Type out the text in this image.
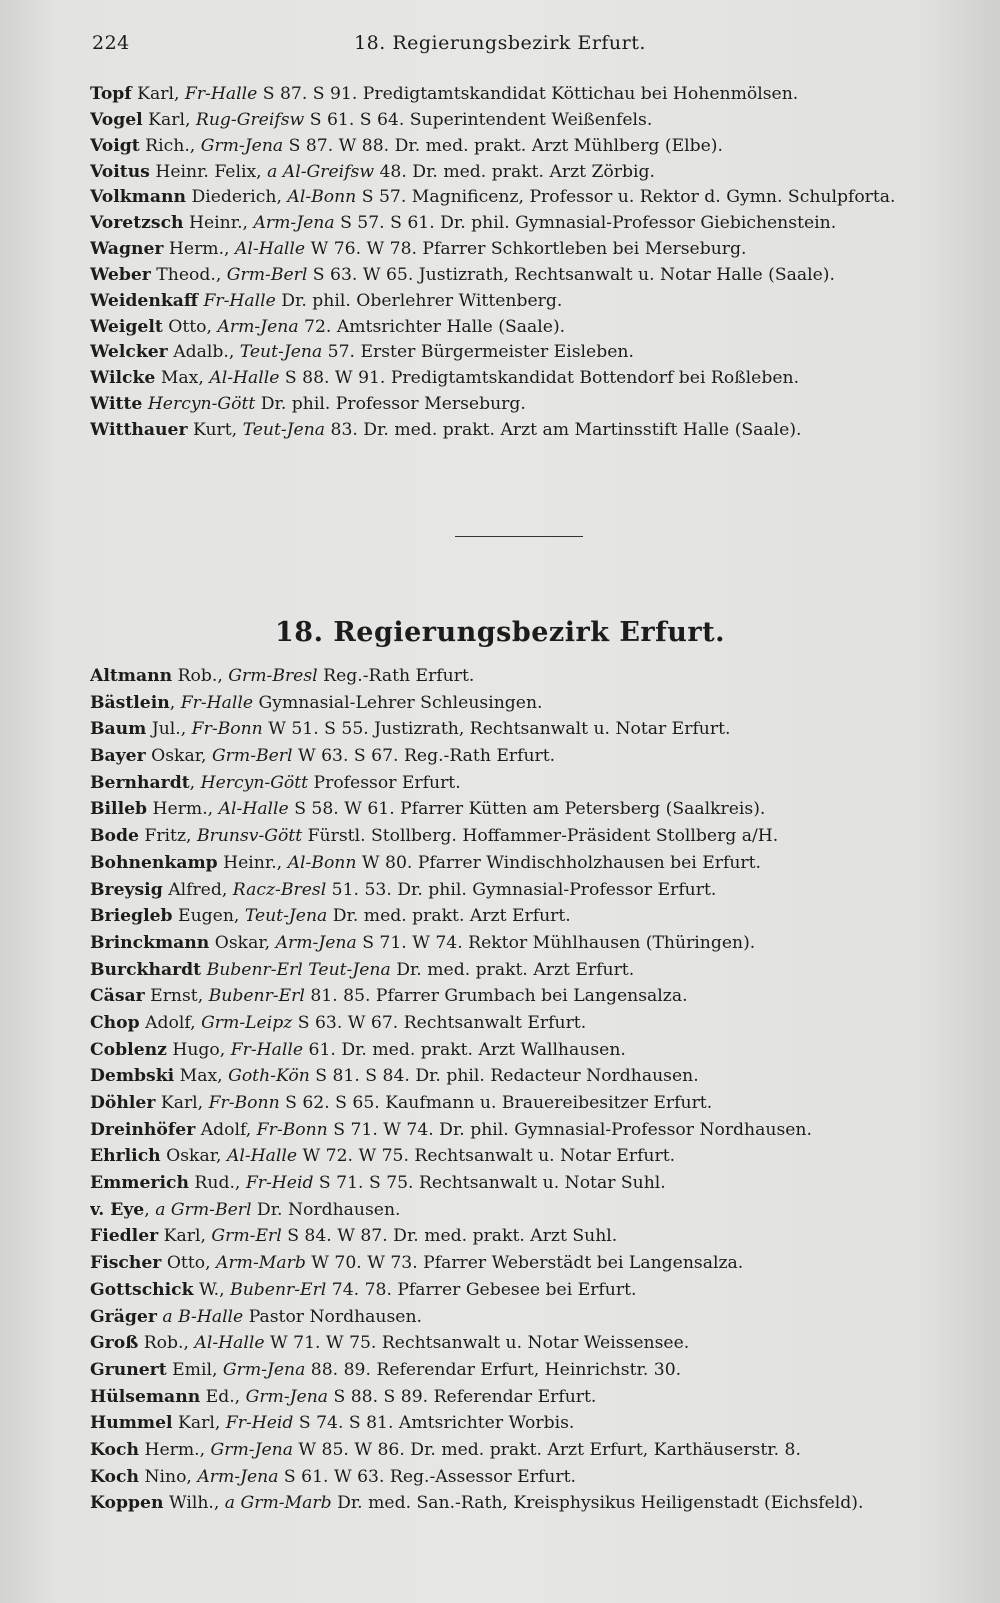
224	18. Regierungsbezirk Erfurt.
Topf Karl, Fr-Halle S 87. S 91. Predigtamtskandidat Köttichau bei Hohenmölsen.
Vogel Karl, Rug-Greifsw S 61. S 64. Superintendent Weißenfels.
Voigt Rich., Grm-Jena S 87. W 88. Dr. med. prakt. Arzt Mühlberg (Elbe).
Voitus Heinr. Felix, a Al-Greifsw 48. Dr. med. prakt. Arzt Zörbig.
Volkmann Diederich, Al-Bonn S 57. Magnificenz, Professor u. Rektor d. Gymn. Schulpforta.
Voretzsch Heinr., Arm-Jena S 57. S 61. Dr. phil. Gymnasial-Professor Giebichenstein.
Wagner Herm., Al-Halle W 76. W 78. Pfarrer Schkortleben bei Merseburg.
Weber Theod., Grm-Berl S 63. W 65. Justizrath, Rechtsanwalt u. Notar Halle (Saale).
Weidenkaff Fr-Halle Dr. phil. Oberlehrer Wittenberg.
Weigelt Otto, Arm-Jena 72. Amtsrichter Halle (Saale).
Welcker Adalb., Teut-Jena 57. Erster Bürgermeister Eisleben.
Wilcke Max, Al-Halle S 88. W 91. Predigtamtskandidat Bottendorf bei Roßleben.
Witte Hercyn-Gött Dr. phil. Professor Merseburg.
Witthauer Kurt, Teut-Jena 83. Dr. med. prakt. Arzt am Martinsstift Halle (Saale).
18. Regierungsbezirk Erfurt.
Altmann Rob., Grm-Bresl Reg.-Rath Erfurt.
Bästlein, Fr-Halle Gymnasial-Lehrer Schleusingen.
Baum Jul., Fr-Bonn W 51. S 55. Justizrath, Rechtsanwalt u. Notar Erfurt.
Bayer Oskar, Grm-Berl W 63. S 67. Reg.-Rath Erfurt.
Bernhardt, Hercyn-Gött Professor Erfurt.
Billeb Herm., Al-Halle S 58. W 61. Pfarrer Kütten am Petersberg (Saalkreis).
Bode Fritz, Brunsv-Gött Fürstl. Stollberg. Hoffammer-Präsident Stollberg a/H.
Bohnenkamp Heinr., Al-Bonn W 80. Pfarrer Windischholzhausen bei Erfurt.
Breysig Alfred, Racz-Bresl 51. 53. Dr. phil. Gymnasial-Professor Erfurt.
Briegleb Eugen, Teut-Jena Dr. med. prakt. Arzt Erfurt.
Brinckmann Oskar, Arm-Jena S 71. W 74. Rektor Mühlhausen (Thüringen).
Burckhardt Bubenr-Erl Teut-Jena Dr. med. prakt. Arzt Erfurt.
Cäsar Ernst, Bubenr-Erl 81. 85. Pfarrer Grumbach bei Langensalza.
Chop Adolf, Grm-Leipz S 63. W 67. Rechtsanwalt Erfurt.
Coblenz Hugo, Fr-Halle 61. Dr. med. prakt. Arzt Wallhausen.
Dembski Max, Goth-Kön S 81. S 84. Dr. phil. Redacteur Nordhausen.
Döhler Karl, Fr-Bonn S 62. S 65. Kaufmann u. Brauereibesitzer Erfurt.
Dreinhöfer Adolf, Fr-Bonn S 71. W 74. Dr. phil. Gymnasial-Professor Nordhausen.
Ehrlich Oskar, Al-Halle W 72. W 75. Rechtsanwalt u. Notar Erfurt.
Emmerich Rud., Fr-Heid S 71. S 75. Rechtsanwalt u. Notar Suhl.
v. Eye, a Grm-Berl Dr. Nordhausen.
Fiedler Karl, Grm-Erl S 84. W 87. Dr. med. prakt. Arzt Suhl.
Fischer Otto, Arm-Marb W 70. W 73. Pfarrer Weberstädt bei Langensalza.
Gottschick W., Bubenr-Erl 74. 78. Pfarrer Gebesee bei Erfurt.
Gräger a B-Halle Pastor Nordhausen.
Groß Rob., Al-Halle W 71. W 75. Rechtsanwalt u. Notar Weissensee.
Grunert Emil, Grm-Jena 88. 89. Referendar Erfurt, Heinrichstr. 30.
Hülsemann Ed., Grm-Jena S 88. S 89. Referendar Erfurt.
Hummel Karl, Fr-Heid S 74. S 81. Amtsrichter Worbis.
Koch Herm., Grm-Jena W 85. W 86. Dr. med. prakt. Arzt Erfurt, Karthäuserstr. 8.
Koch Nino, Arm-Jena S 61. W 63. Reg.-Assessor Erfurt.
Koppen Wilh., a Grm-Marb Dr. med. San.-Rath, Kreisphysikus Heiligenstadt (Eichsfeld).
